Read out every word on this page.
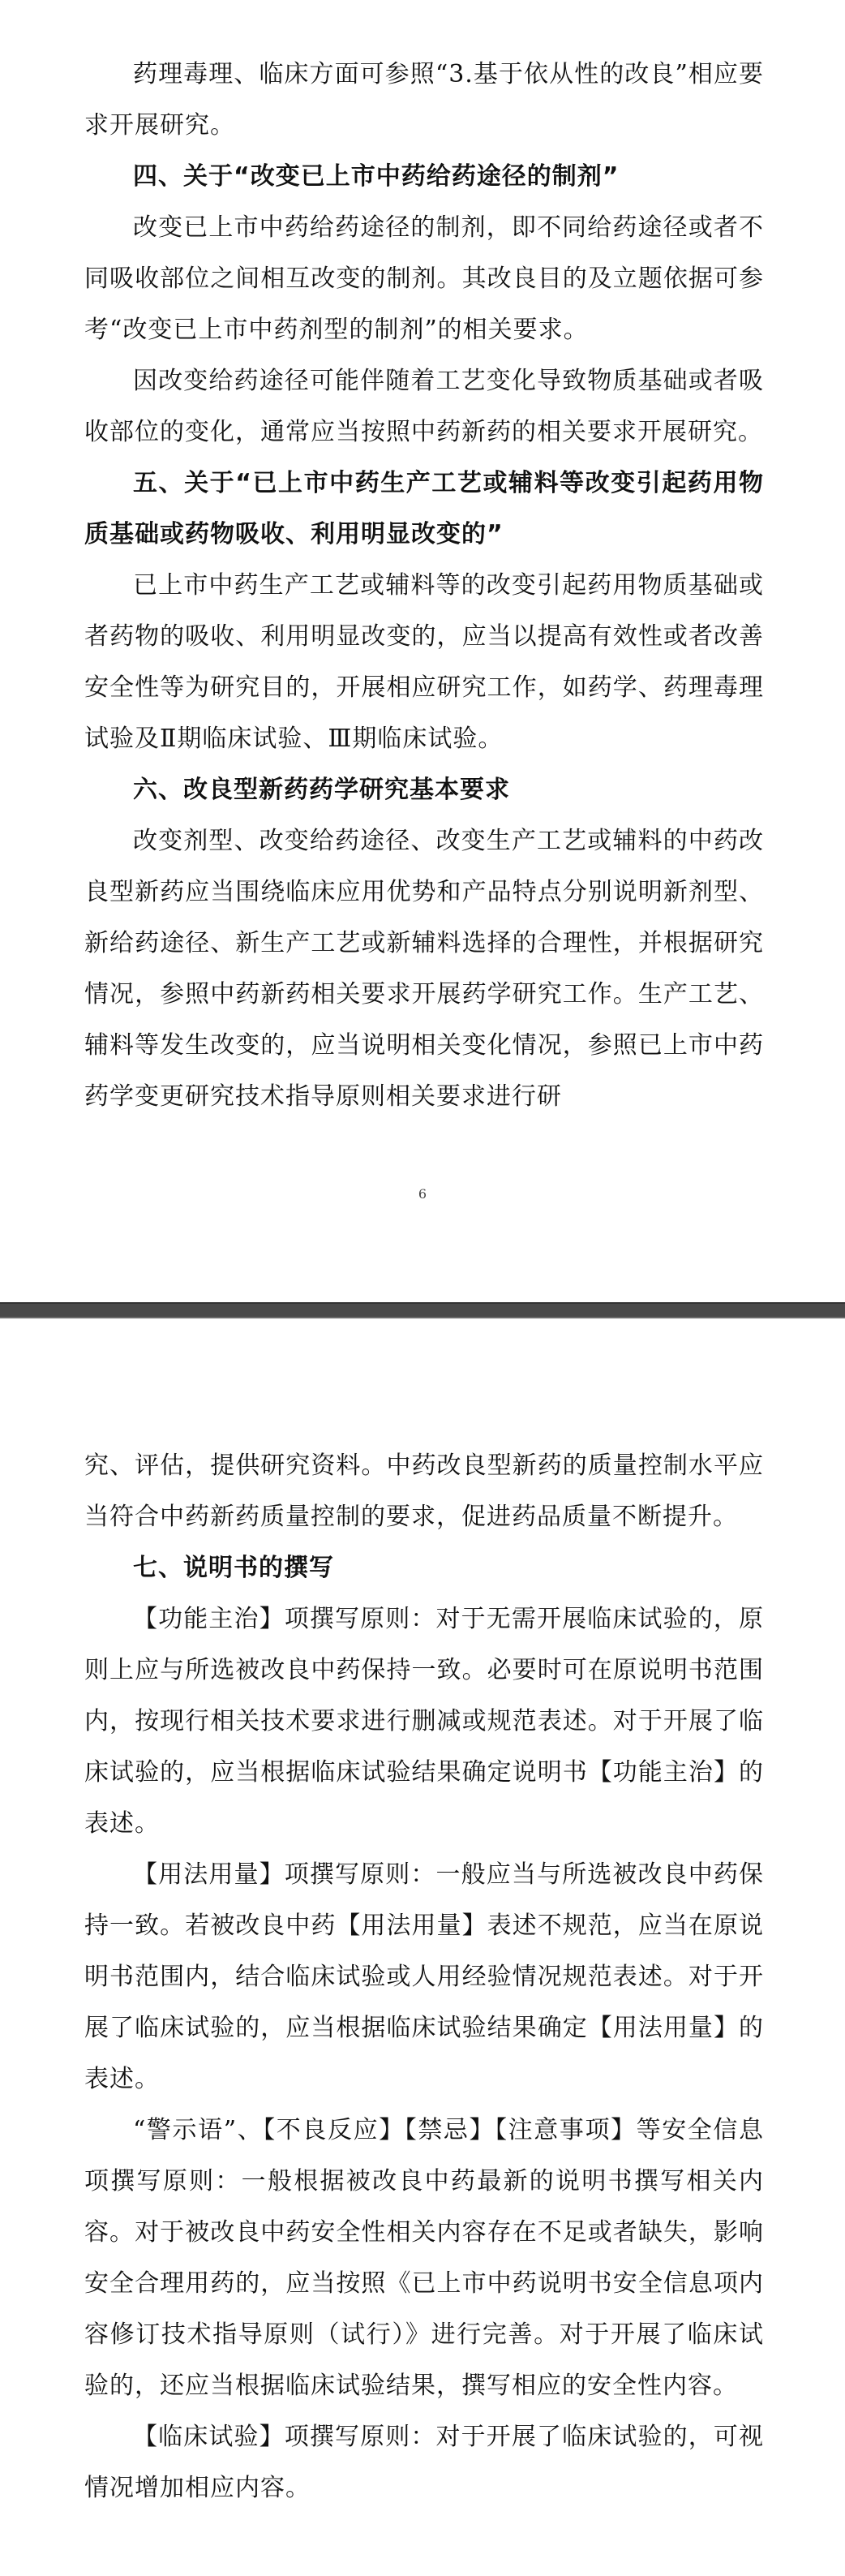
药理毒理、临床方面可参照“3.基于依从性的改良”相应要求开展研究。

四、关于“改变已上市中药给药途径的制剂”

改变已上市中药给药途径的制剂，即不同给药途径或者不同吸收部位之间相互改变的制剂。其改良目的及立题依据可参考“改变已上市中药剂型的制剂”的相关要求。

因改变给药途径可能伴随着工艺变化导致物质基础或者吸收部位的变化，通常应当按照中药新药的相关要求开展研究。

五、关于“已上市中药生产工艺或辅料等改变引起药用物质基础或药物吸收、利用明显改变的”

已上市中药生产工艺或辅料等的改变引起药用物质基础或者药物的吸收、利用明显改变的，应当以提高有效性或者改善安全性等为研究目的，开展相应研究工作，如药学、药理毒理试验及Ⅱ期临床试验、Ⅲ期临床试验。

六、改良型新药药学研究基本要求

改变剂型、改变给药途径、改变生产工艺或辅料的中药改良型新药应当围绕临床应用优势和产品特点分别说明新剂型、新给药途径、新生产工艺或新辅料选择的合理性，并根据研究情况，参照中药新药相关要求开展药学研究工作。生产工艺、辅料等发生改变的，应当说明相关变化情况，参照已上市中药药学变更研究技术指导原则相关要求进行研

6

究、评估，提供研究资料。中药改良型新药的质量控制水平应当符合中药新药质量控制的要求，促进药品质量不断提升。

七、说明书的撰写

【功能主治】项撰写原则：对于无需开展临床试验的，原则上应与所选被改良中药保持一致。必要时可在原说明书范围内，按现行相关技术要求进行删减或规范表述。对于开展了临床试验的，应当根据临床试验结果确定说明书【功能主治】的表述。

【用法用量】项撰写原则：一般应当与所选被改良中药保持一致。若被改良中药【用法用量】表述不规范，应当在原说明书范围内，结合临床试验或人用经验情况规范表述。对于开展了临床试验的，应当根据临床试验结果确定【用法用量】的表述。

“警示语”、【不良反应】【禁忌】【注意事项】等安全信息项撰写原则：一般根据被改良中药最新的说明书撰写相关内容。对于被改良中药安全性相关内容存在不足或者缺失，影响安全合理用药的，应当按照《已上市中药说明书安全信息项内容修订技术指导原则（试行）》进行完善。对于开展了临床试验的，还应当根据临床试验结果，撰写相应的安全性内容。

【临床试验】项撰写原则：对于开展了临床试验的，可视情况增加相应内容。
